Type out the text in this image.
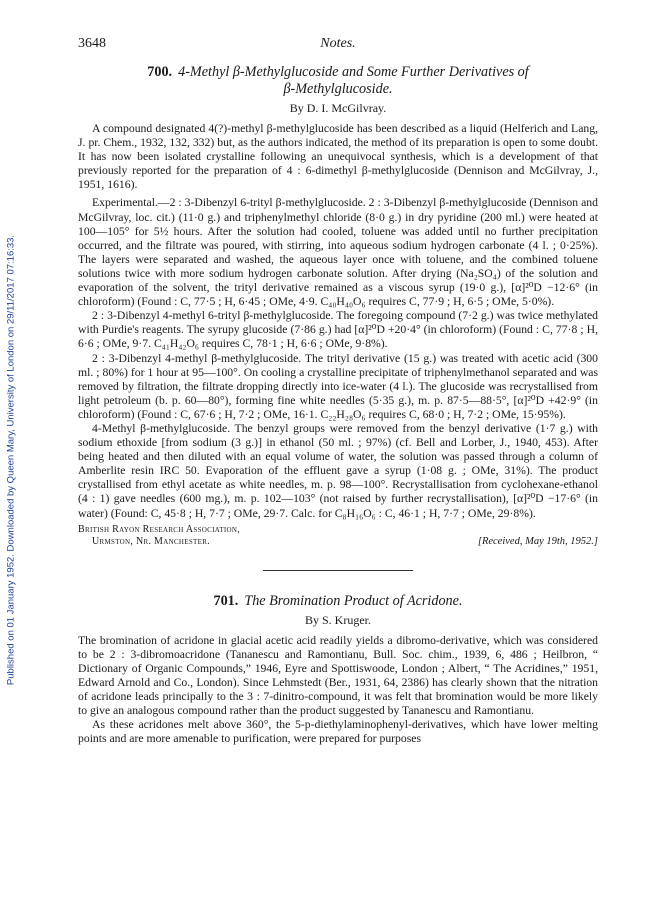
Published on 01 January 1952. Downloaded by Queen Mary, University of London on 29/11/2017 07:16:33.
3648	Notes.
700. 4-Methyl β-Methylglucoside and Some Further Derivatives of
β-Methylglucoside.
By D. I. McGilvray.

A compound designated 4(?)-methyl β-methylglucoside has been described as a liquid (Helferich and Lang, J. pr. Chem., 1932, 132, 332) but, as the authors indicated, the method of its preparation is open to some doubt. It has now been isolated crystalline following an unequivocal synthesis, which is a development of that previously reported for the preparation of 4 : 6-dimethyl β-methylglucoside (Dennison and McGilvray, J., 1951, 1616).

Experimental.—2 : 3-Dibenzyl 6-trityl β-methylglucoside. 2 : 3-Dibenzyl β-methylglucoside (Dennison and McGilvray, loc. cit.) (11·0 g.) and triphenylmethyl chloride (8·0 g.) in dry pyridine (200 ml.) were heated at 100—105° for 5½ hours. After the solution had cooled, toluene was added until no further precipitation occurred, and the filtrate was poured, with stirring, into aqueous sodium hydrogen carbonate (4 l. ; 0·25%). The layers were separated and washed, the aqueous layer once with toluene, and the combined toluene solutions twice with more sodium hydrogen carbonate solution. After drying (Na₂SO₄) of the solution and evaporation of the solvent, the trityl derivative remained as a viscous syrup (19·0 g.), [α]²⁰D −12·6° (in chloroform) (Found : C, 77·5 ; H, 6·45 ; OMe, 4·9. C₄₀H₄₀O₆ requires C, 77·9 ; H, 6·5 ; OMe, 5·0%).

2 : 3-Dibenzyl 4-methyl 6-trityl β-methylglucoside. The foregoing compound (7·2 g.) was twice methylated with Purdie's reagents. The syrupy glucoside (7·86 g.) had [α]²⁰D +20·4° (in chloroform) (Found : C, 77·8 ; H, 6·6 ; OMe, 9·7. C₄₁H₄₂O₆ requires C, 78·1 ; H, 6·6 ; OMe, 9·8%).

2 : 3-Dibenzyl 4-methyl β-methylglucoside. The trityl derivative (15 g.) was treated with acetic acid (300 ml. ; 80%) for 1 hour at 95—100°. On cooling a crystalline precipitate of triphenylmethanol separated and was removed by filtration, the filtrate dropping directly into ice-water (4 l.). The glucoside was recrystallised from light petroleum (b. p. 60—80°), forming fine white needles (5·35 g.), m. p. 87·5—88·5°, [α]²⁰D +42·9° (in chloroform) (Found : C, 67·6 ; H, 7·2 ; OMe, 16·1. C₂₂H₂₈O₆ requires C, 68·0 ; H, 7·2 ; OMe, 15·95%).

4-Methyl β-methylglucoside. The benzyl groups were removed from the benzyl derivative (1·7 g.) with sodium ethoxide [from sodium (3 g.)] in ethanol (50 ml. ; 97%) (cf. Bell and Lorber, J., 1940, 453). After being heated and then diluted with an equal volume of water, the solution was passed through a column of Amberlite resin IRC 50. Evaporation of the effluent gave a syrup (1·08 g. ; OMe, 31%). The product crystallised from ethyl acetate as white needles, m. p. 98—100°. Recrystallisation from cyclohexane-ethanol (4 : 1) gave needles (600 mg.), m. p. 102—103° (not raised by further recrystallisation), [α]²⁰D −17·6° (in water) (Found: C, 45·8 ; H, 7·7 ; OMe, 29·7. Calc. for C₈H₁₆O₆ : C, 46·1 ; H, 7·7 ; OMe, 29·8%).

British Rayon Research Association,
Urmston, Nr. Manchester.	[Received, May 19th, 1952.]
701. The Bromination Product of Acridone.
By S. Kruger.

The bromination of acridone in glacial acetic acid readily yields a dibromo-derivative, which was considered to be 2 : 3-dibromoacridone (Tananescu and Ramontianu, Bull. Soc. chim., 1939, 6, 486 ; Heilbron, “ Dictionary of Organic Compounds,” 1946, Eyre and Spottiswoode, London ; Albert, “ The Acridines,” 1951, Edward Arnold and Co., London). Since Lehmstedt (Ber., 1931, 64, 2386) has clearly shown that the nitration of acridone leads principally to the 3 : 7-dinitro-compound, it was felt that bromination would be more likely to give an analogous compound rather than the product suggested by Tananescu and Ramontianu.

As these acridones melt above 360°, the 5-p-diethylaminophenyl-derivatives, which have lower melting points and are more amenable to purification, were prepared for purposes
